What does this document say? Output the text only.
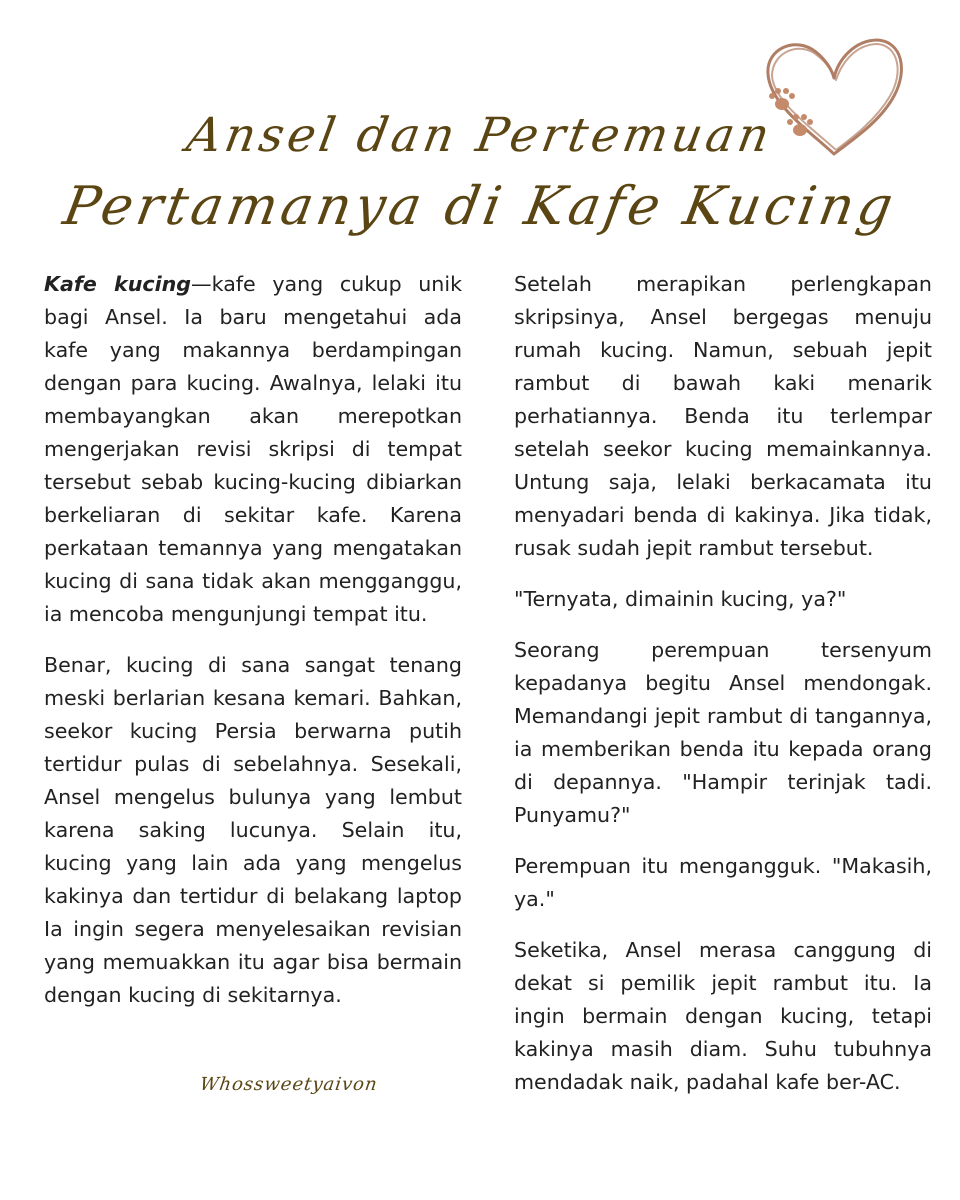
Ansel dan Pertemuan
Pertamanya di Kafe Kucing

Kafe kucing—kafe yang cukup unik bagi Ansel. Ia baru mengetahui ada kafe yang makannya berdampingan dengan para kucing. Awalnya, lelaki itu membayangkan akan merepotkan mengerjakan revisi skripsi di tempat tersebut sebab kucing-kucing dibiarkan berkeliaran di sekitar kafe. Karena perkataan temannya yang mengatakan kucing di sana tidak akan mengganggu, ia mencoba mengunjungi tempat itu.

Benar, kucing di sana sangat tenang meski berlarian kesana kemari. Bahkan, seekor kucing Persia berwarna putih tertidur pulas di sebelahnya. Sesekali, Ansel mengelus bulunya yang lembut karena saking lucunya. Selain itu, kucing yang lain ada yang mengelus kakinya dan tertidur di belakang laptop Ia ingin segera menyelesaikan revisian yang memuakkan itu agar bisa bermain dengan kucing di sekitarnya.

Setelah merapikan perlengkapan skripsinya, Ansel bergegas menuju rumah kucing. Namun, sebuah jepit rambut di bawah kaki menarik perhatiannya. Benda itu terlempar setelah seekor kucing memainkannya. Untung saja, lelaki berkacamata itu menyadari benda di kakinya. Jika tidak, rusak sudah jepit rambut tersebut.

"Ternyata, dimainin kucing, ya?"

Seorang perempuan tersenyum kepadanya begitu Ansel mendongak. Memandangi jepit rambut di tangannya, ia memberikan benda itu kepada orang di depannya. "Hampir terinjak tadi. Punyamu?"

Perempuan itu mengangguk. "Makasih, ya."

Seketika, Ansel merasa canggung di dekat si pemilik jepit rambut itu. Ia ingin bermain dengan kucing, tetapi kakinya masih diam. Suhu tubuhnya mendadak naik, padahal kafe ber-AC.

Whossweetyaivon
